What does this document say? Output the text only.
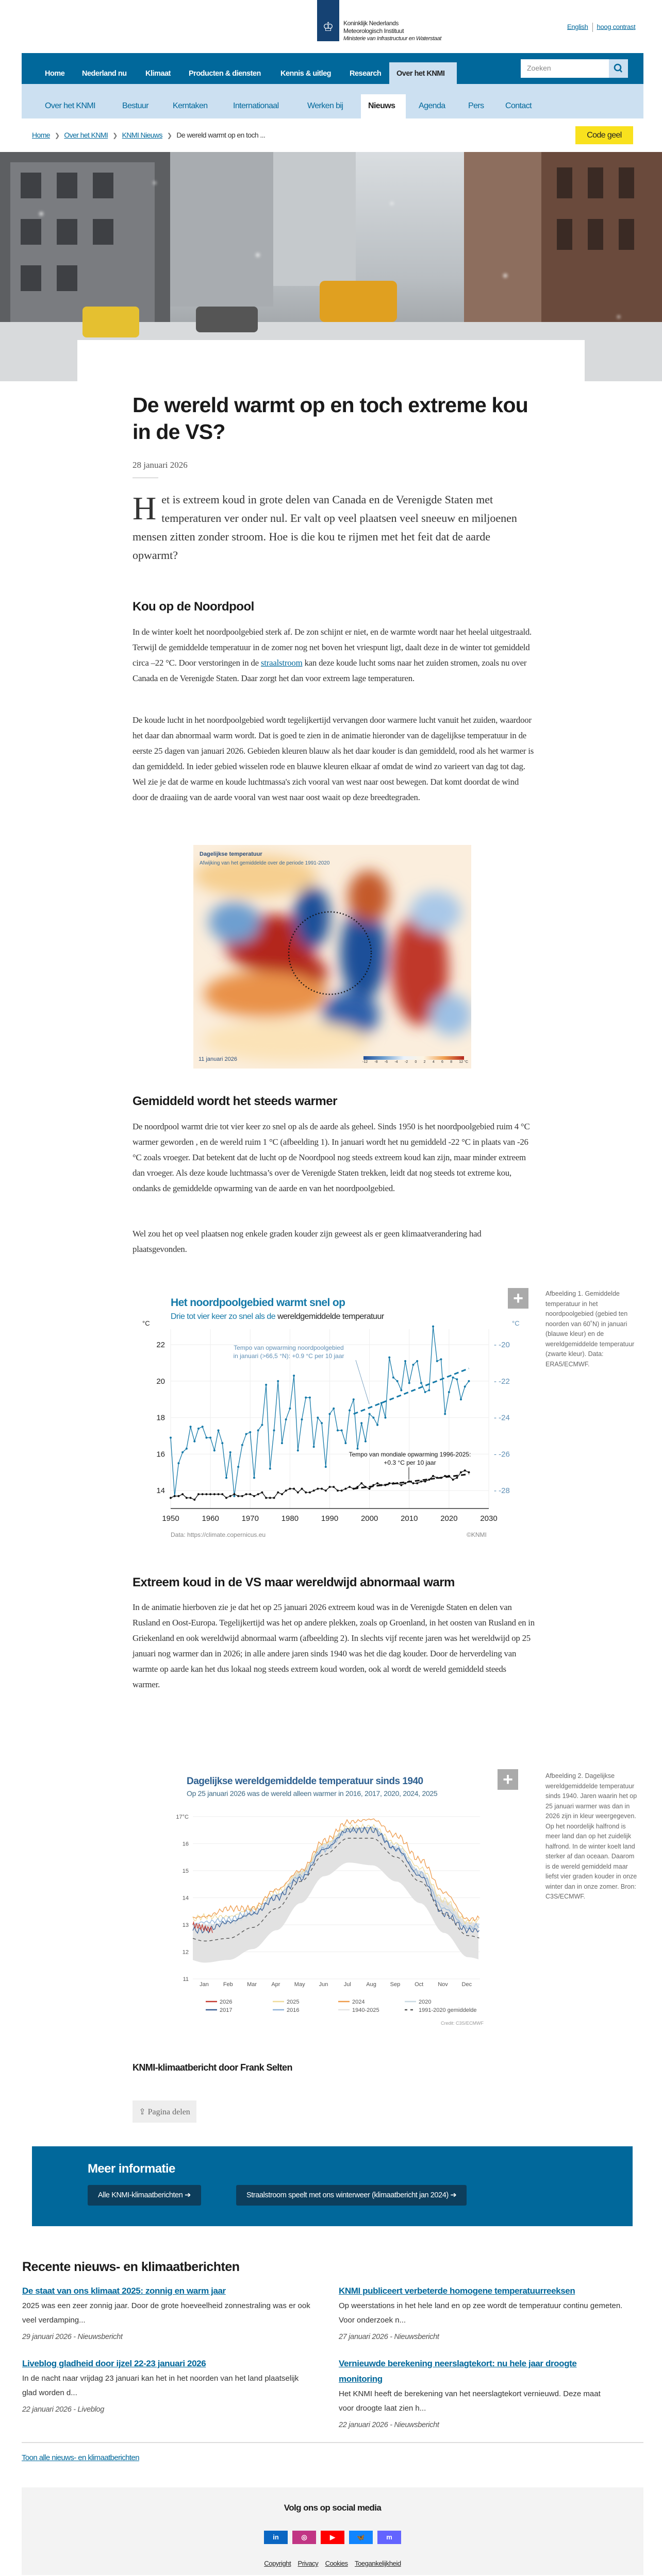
♔	Koninklijk Nederlands
Meteorologisch Instituut
Ministerie van Infrastructuur en Waterstaat
English hoog contrast
Home Nederland nu	Klimaat Producten & diensten	Kennis & uitleg Research Over het KNMI
Zoeken
Over het KNMI	Bestuur	Kerntaken	Internationaal	Werken bij	Nieuws	Agenda	Pers	Contact
Home ❯ Over het KNMI ❯ KNMI Nieuws ❯ De wereld warmt op en toch ...	Code geel
De wereld warmt op en toch extreme kou in de VS?
28 januari 2026
Het is extreem koud in grote delen van Canada en de Verenigde Staten met temperaturen ver onder nul. Er valt op veel plaatsen veel sneeuw en miljoenen mensen zitten zonder stroom. Hoe is die kou te rijmen met het feit dat de aarde opwarmt?
Kou op de Noordpool

In de winter koelt het noordpoolgebied sterk af. De zon schijnt er niet, en de warmte wordt naar het heelal uitgestraald. Terwijl de gemiddelde temperatuur in de zomer nog net boven het vriespunt ligt, daalt deze in de winter tot gemiddeld circa –22 °C. Door verstoringen in de straalstroom kan deze koude lucht soms naar het zuiden stromen, zoals nu over Canada en de Verenigde Staten. Daar zorgt het dan voor extreem lage temperaturen.

De koude lucht in het noordpoolgebied wordt tegelijkertijd vervangen door warmere lucht vanuit het zuiden, waardoor het daar dan abnormaal warm wordt. Dat is goed te zien in de animatie hieronder van de dagelijkse temperatuur in de eerste 25 dagen van januari 2026. Gebieden kleuren blauw als het daar kouder is dan gemiddeld, rood als het warmer is dan gemiddeld. In ieder gebied wisselen rode en blauwe kleuren elkaar af omdat de wind zo varieert van dag tot dag. Wel zie je dat de warme en koude luchtmassa's zich vooral van west naar oost bewegen. Dat komt doordat de wind door de draaiing van de aarde vooral van west naar oost waait op deze breedtegraden.

Dagelijkse temperatuur
Afwijking van het gemiddelde over de periode 1991-2020
11 januari 2026	-12 -8 -6 -4 -2 0 2 4 6 8 12 °C
Gemiddeld wordt het steeds warmer

De noordpool warmt drie tot vier keer zo snel op als de aarde als geheel. Sinds 1950 is het noordpoolgebied ruim 4 °C warmer geworden , en de wereld ruim 1 °C (afbeelding 1). In januari wordt het nu gemiddeld -22 °C in plaats van -26 °C zoals vroeger. Dat betekent dat de lucht op de Noordpool nog steeds extreem koud kan zijn, maar minder extreem dan vroeger. Als deze koude luchtmassa’s over de Verenigde Staten trekken, leidt dat nog steeds tot extreme kou, ondanks de gemiddelde opwarming van de aarde en van het noordpoolgebied.

Wel zou het op veel plaatsen nog enkele graden kouder zijn geweest als er geen klimaatverandering had plaatsgevonden.

Het noordpoolgebied warmt snel op
Drie tot vier keer zo snel als de wereldgemiddelde temperatuur
°C	°C
1950	1960	1970	1980	1990	2000	2010	2020	2030
14
16
18
20
22	- -20
- -22
- -24
- -26
- -28
Tempo van opwarming noordpoolgebied
in januari (>66,5 °N): +0.9 °C per 10 jaar
Tempo van mondiale opwarming 1996-2025:
+0.3 °C per 10 jaar
+	Afbeelding 1. Gemiddelde temperatuur in het noordpoolgebied (gebied ten noorden van 60˚N) in januari (blauwe kleur) en de wereldgemiddelde temperatuur (zwarte kleur). Data: ERA5/ECMWF.
Data: https://climate.copernicus.eu	©KNMI
Extreem koud in de VS maar wereldwijd abnormaal warm

In de animatie hierboven zie je dat het op 25 januari 2026 extreem koud was in de Verenigde Staten en delen van Rusland en Oost-Europa. Tegelijkertijd was het op andere plekken, zoals op Groenland, in het oosten van Rusland en in Griekenland en ook wereldwijd abnormaal warm (afbeelding 2). In slechts vijf recente jaren was het wereldwijd op 25 januari nog warmer dan in 2026; in alle andere jaren sinds 1940 was het die dag kouder. Door de herverdeling van warmte op aarde kan het dus lokaal nog steeds extreem koud worden, ook al wordt de wereld gemiddeld steeds warmer.

Dagelijkse wereldgemiddelde temperatuur sinds 1940
Op 25 januari 2026 was de wereld alleen warmer in 2016, 2017, 2020, 2024, 2025
11
12
13
14
15
16
17°C
Jan	Feb Mar	Apr May Jun	Jul	Aug Sep	Oct	Nov Dec
2026	2025	2024	2020
2017	2016	1940-2025	1991-2020 gemiddelde
Credit: C3S/ECMWF
+	Afbeelding 2. Dagelijkse wereldgemiddelde temperatuur sinds 1940. Jaren waarin het op 25 januari warmer was dan in 2026 zijn in kleur weergegeven. Op het noordelijk halfrond is meer land dan op het zuidelijk halfrond. In de winter koelt land sterker af dan oceaan. Daarom is de wereld gemiddeld maar liefst vier graden kouder in onze winter dan in onze zomer. Bron: C3S/ECMWF.
KNMI-klimaatbericht door Frank Selten
⇪ Pagina delen
Meer informatie
Alle KNMI-klimaatberichten ➔	Straalstroom speelt met ons winterweer (klimaatbericht jan 2024) ➔
Recente nieuws- en klimaatberichten
De staat van ons klimaat 2025: zonnig en warm jaar
2025 was een zeer zonnig jaar. Door de grote hoeveelheid zonnestraling was er ook veel verdamping...
29 januari 2026 - Nieuwsbericht
KNMI publiceert verbeterde homogene temperatuurreeksen
Op weerstations in het hele land en op zee wordt de temperatuur continu gemeten. Voor onderzoek n...
27 januari 2026 - Nieuwsbericht
Liveblog gladheid door ijzel 22-23 januari 2026
In de nacht naar vrijdag 23 januari kan het in het noorden van het land plaatselijk glad worden d...
22 januari 2026 - Liveblog
Vernieuwde berekening neerslagtekort: nu hele jaar droogte monitoring
Het KNMI heeft de berekening van het neerslagtekort vernieuwd. Deze maat voor droogte laat zien h...
22 januari 2026 - Nieuwsbericht
Toon alle nieuws- en klimaatberichten
Volg ons op social media
in	◎	▶	🦋	m
Copyright Privacy Cookies Toegankelijkheid
